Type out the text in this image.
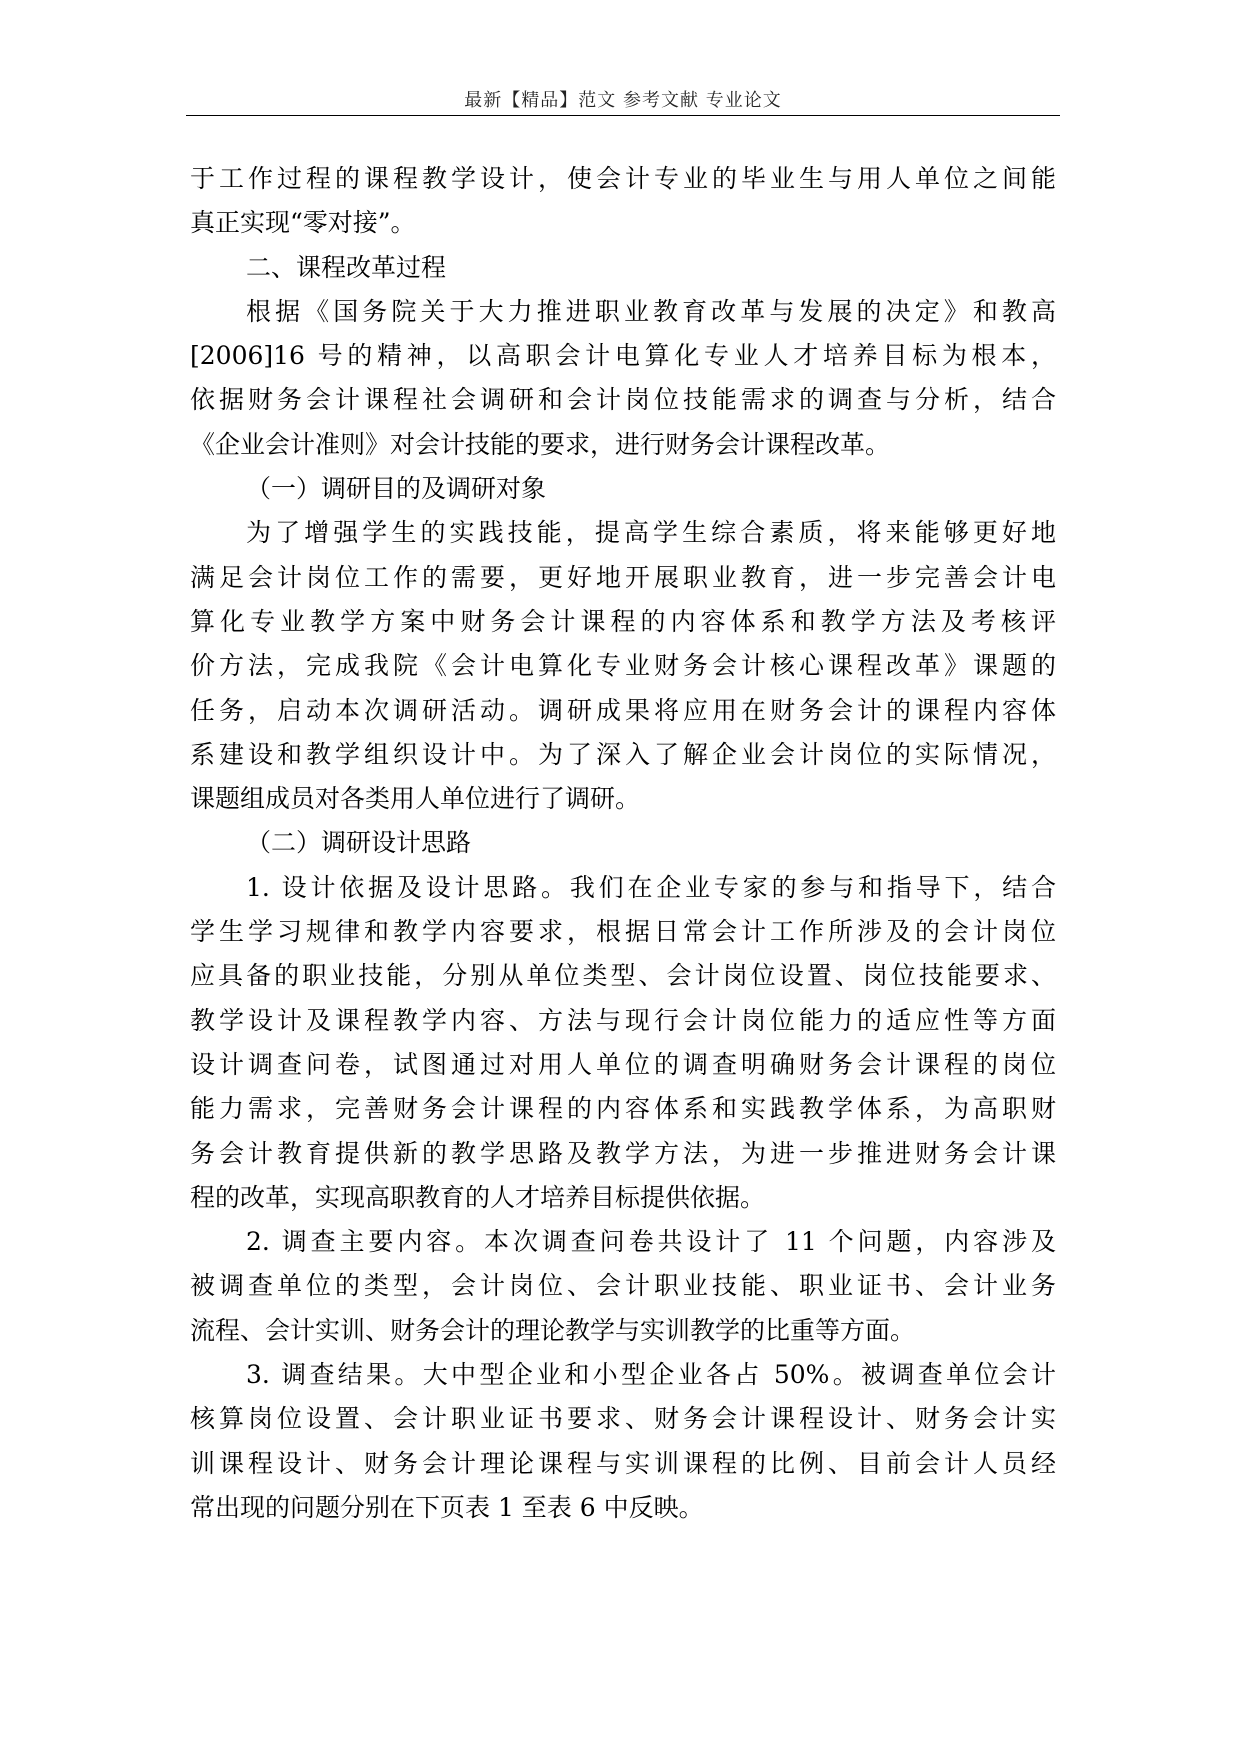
最新【精品】范文 参考文献 专业论文
于工作过程的课程教学设计，使会计专业的毕业生与用人单位之间能
真正实现“零对接”。
二、课程改革过程
根据《国务院关于大力推进职业教育改革与发展的决定》和教高
[2006]16 号的精神，以高职会计电算化专业人才培养目标为根本，
依据财务会计课程社会调研和会计岗位技能需求的调查与分析，结合
《企业会计准则》对会计技能的要求，进行财务会计课程改革。
（一）调研目的及调研对象
为了增强学生的实践技能，提高学生综合素质，将来能够更好地
满足会计岗位工作的需要，更好地开展职业教育，进一步完善会计电
算化专业教学方案中财务会计课程的内容体系和教学方法及考核评
价方法，完成我院《会计电算化专业财务会计核心课程改革》课题的
任务，启动本次调研活动。调研成果将应用在财务会计的课程内容体
系建设和教学组织设计中。为了深入了解企业会计岗位的实际情况，
课题组成员对各类用人单位进行了调研。
（二）调研设计思路
1. 设计依据及设计思路。我们在企业专家的参与和指导下，结合
学生学习规律和教学内容要求，根据日常会计工作所涉及的会计岗位
应具备的职业技能，分别从单位类型、会计岗位设置、岗位技能要求、
教学设计及课程教学内容、方法与现行会计岗位能力的适应性等方面
设计调查问卷，试图通过对用人单位的调查明确财务会计课程的岗位
能力需求，完善财务会计课程的内容体系和实践教学体系，为高职财
务会计教育提供新的教学思路及教学方法，为进一步推进财务会计课
程的改革，实现高职教育的人才培养目标提供依据。
2. 调查主要内容。本次调查问卷共设计了 11 个问题，内容涉及
被调查单位的类型，会计岗位、会计职业技能、职业证书、会计业务
流程、会计实训、财务会计的理论教学与实训教学的比重等方面。
3. 调查结果。大中型企业和小型企业各占 50%。被调查单位会计
核算岗位设置、会计职业证书要求、财务会计课程设计、财务会计实
训课程设计、财务会计理论课程与实训课程的比例、目前会计人员经
常出现的问题分别在下页表 1 至表 6 中反映。
